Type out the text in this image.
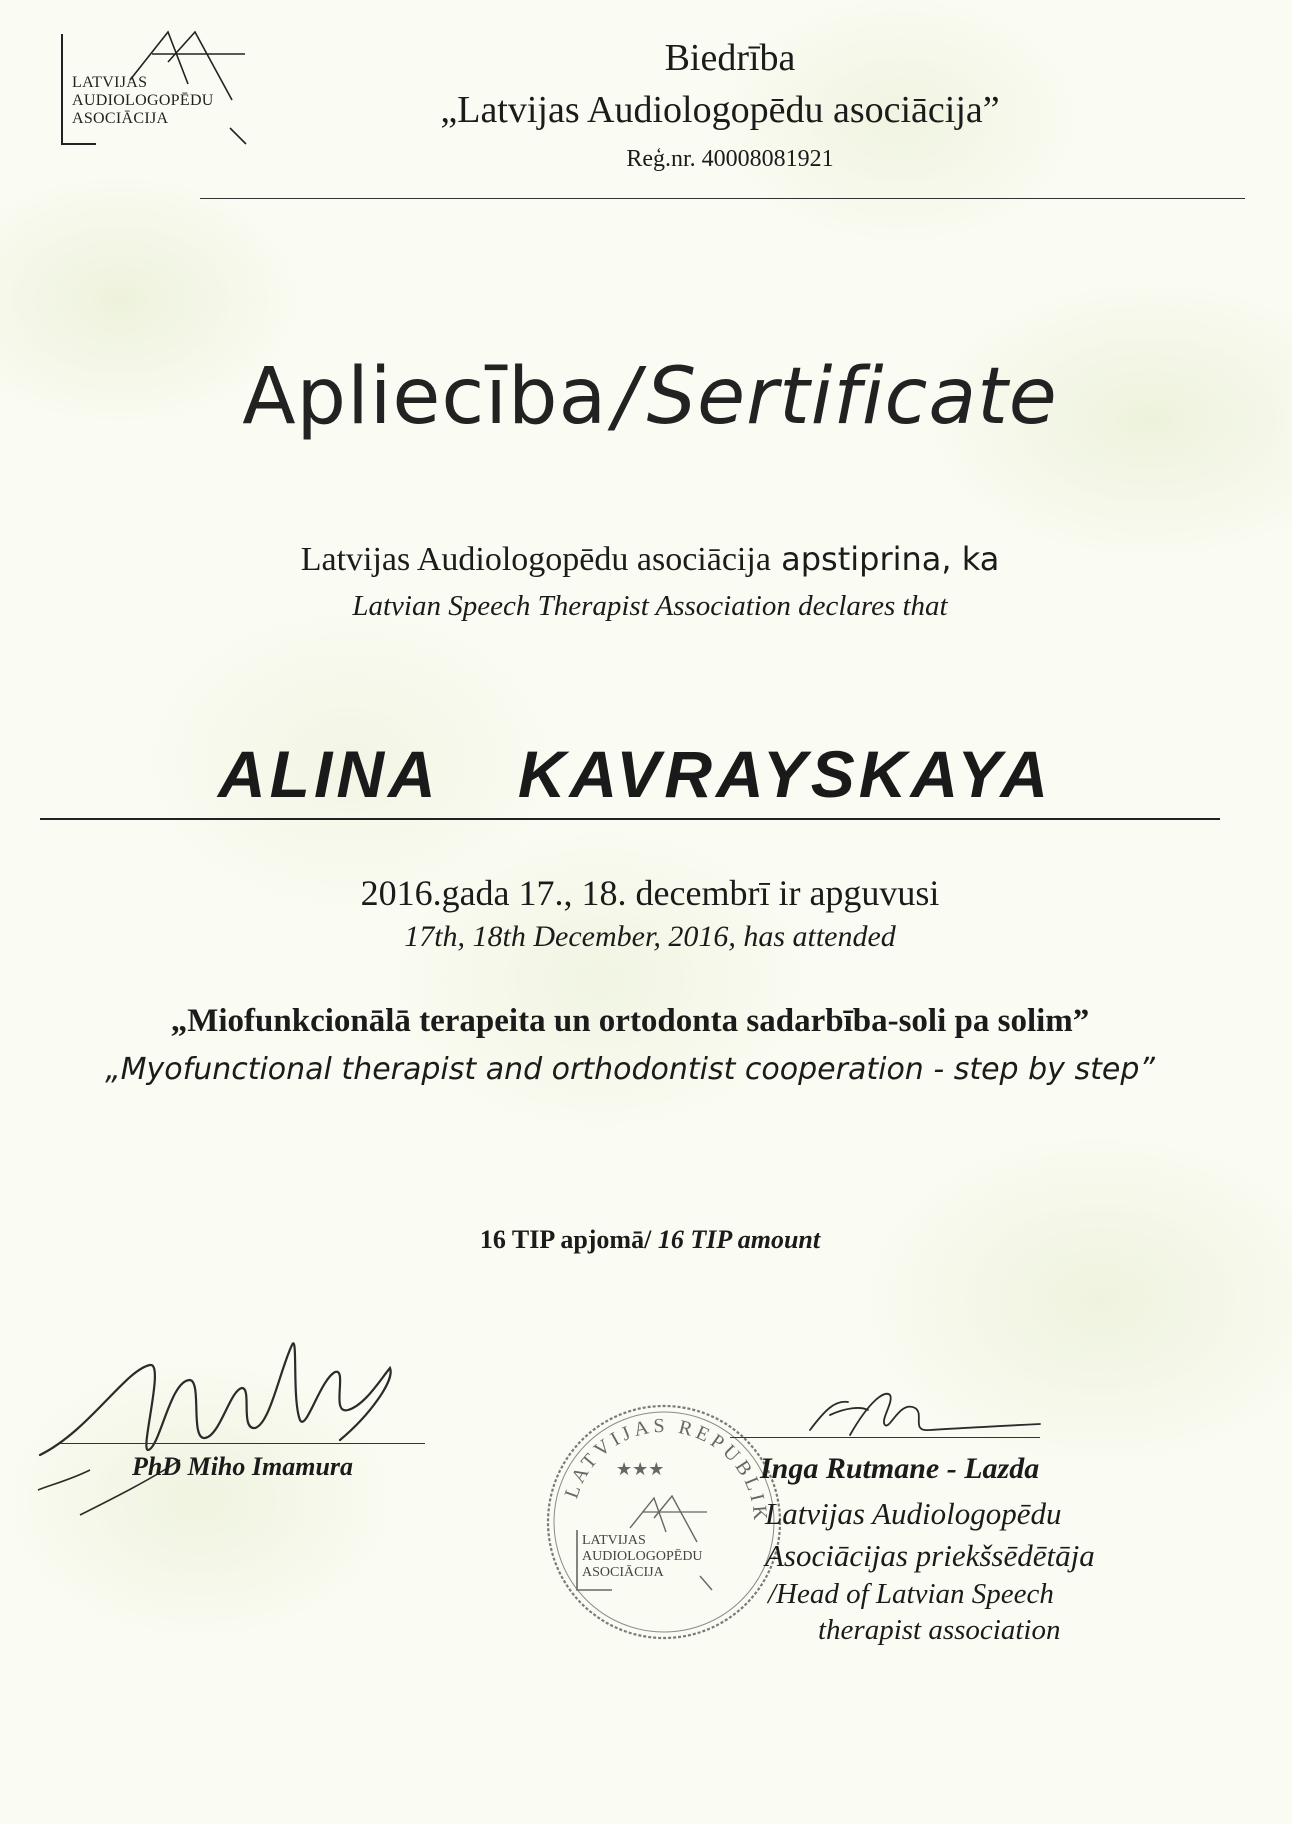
LATVIJAS
AUDIOLOGOPĒDU
ASOCIĀCIJA
Biedrība
„Latvijas Audiologopēdu asociācija”
Reģ.nr. 40008081921
Apliecība/Sertificate
Latvijas Audiologopēdu asociācija apstiprina, ka
Latvian Speech Therapist Association declares that
ALINA  KAVRAYSKAYA
2016.gada 17., 18. decembrī ir apguvusi
17th, 18th December, 2016, has attended
„Miofunkcionālā terapeita un ortodonta sadarbība-soli pa solim”
„Myofunctional therapist and orthodontist cooperation - step by step”
16 TIP apjomā/ 16 TIP amount
PhD Miho Imamura
LATVIJAS REPUBLIK
★★★
LATVIJAS
AUDIOLOGOPĒDU
ASOCIĀCIJA
Inga Rutmane - Lazda
Latvijas Audiologopēdu
Asociācijas priekšsēdētāja
/Head of Latvian Speech
therapist association
